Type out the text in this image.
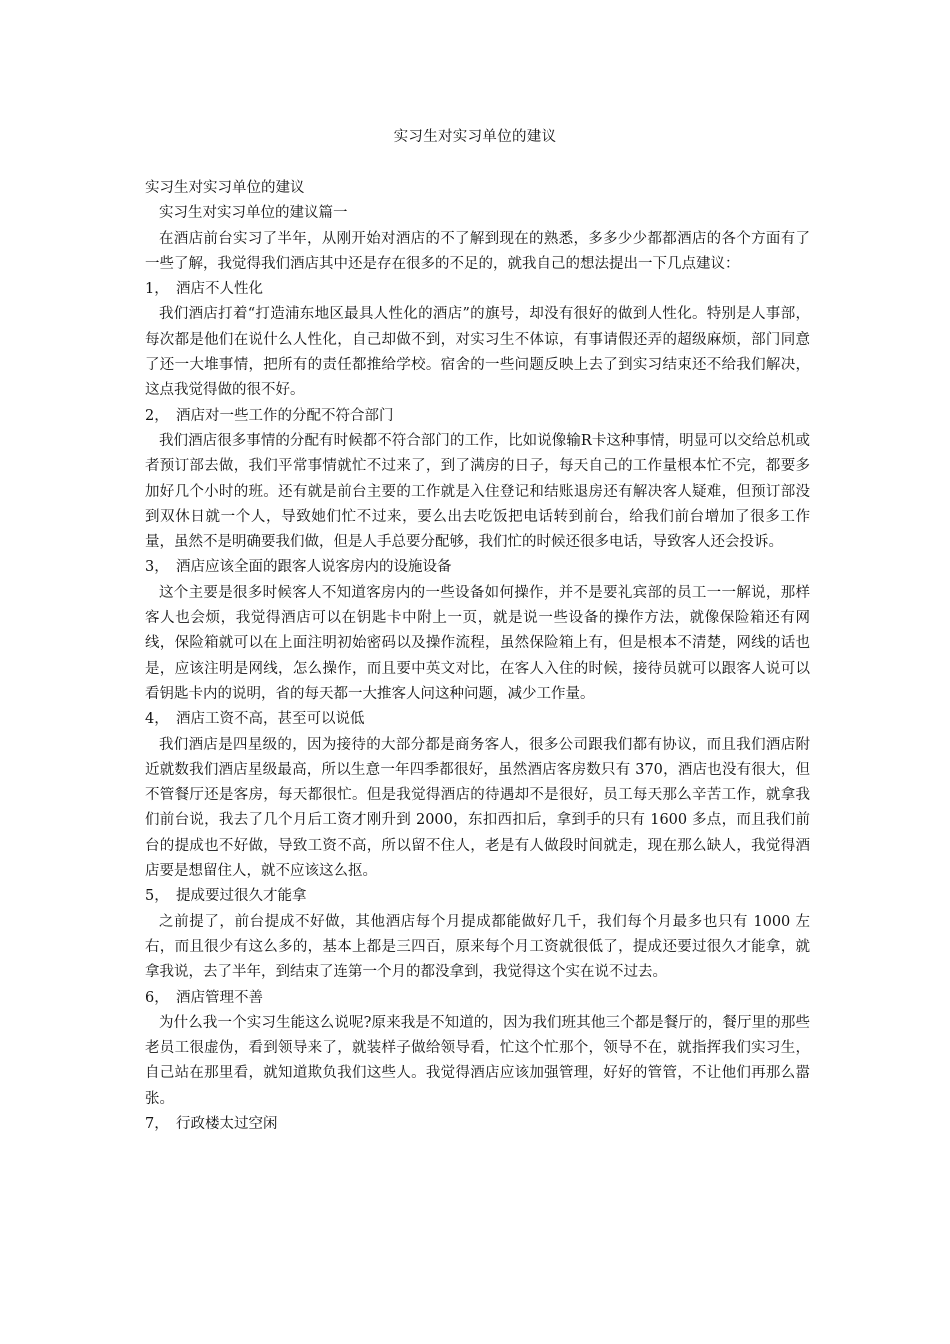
实习生对实习单位的建议

实习生对实习单位的建议

实习生对实习单位的建议篇一

在酒店前台实习了半年，从刚开始对酒店的不了解到现在的熟悉，多多少少都都酒店的各个方面有了一些了解，我觉得我们酒店其中还是存在很多的不足的，就我自己的想法提出一下几点建议：

1，　酒店不人性化

我们酒店打着“打造浦东地区最具人性化的酒店”的旗号，却没有很好的做到人性化。特别是人事部，每次都是他们在说什么人性化，自己却做不到，对实习生不体谅，有事请假还弄的超级麻烦，部门同意了还一大堆事情，把所有的责任都推给学校。宿舍的一些问题反映上去了到实习结束还不给我们解决，这点我觉得做的很不好。

2，　酒店对一些工作的分配不符合部门

我们酒店很多事情的分配有时候都不符合部门的工作，比如说像输R卡这种事情，明显可以交给总机或者预订部去做，我们平常事情就忙不过来了，到了满房的日子，每天自己的工作量根本忙不完，都要多加好几个小时的班。还有就是前台主要的工作就是入住登记和结账退房还有解决客人疑难，但预订部没到双休日就一个人，导致她们忙不过来，要么出去吃饭把电话转到前台，给我们前台增加了很多工作量，虽然不是明确要我们做，但是人手总要分配够，我们忙的时候还很多电话，导致客人还会投诉。

3，　酒店应该全面的跟客人说客房内的设施设备

这个主要是很多时候客人不知道客房内的一些设备如何操作，并不是要礼宾部的员工一一解说，那样客人也会烦，我觉得酒店可以在钥匙卡中附上一页，就是说一些设备的操作方法，就像保险箱还有网线，保险箱就可以在上面注明初始密码以及操作流程，虽然保险箱上有，但是根本不清楚，网线的话也是，应该注明是网线，怎么操作，而且要中英文对比，在客人入住的时候，接待员就可以跟客人说可以看钥匙卡内的说明，省的每天都一大推客人问这种问题，减少工作量。

4，　酒店工资不高，甚至可以说低

我们酒店是四星级的，因为接待的大部分都是商务客人，很多公司跟我们都有协议，而且我们酒店附近就数我们酒店星级最高，所以生意一年四季都很好，虽然酒店客房数只有 370，酒店也没有很大，但不管餐厅还是客房，每天都很忙。但是我觉得酒店的待遇却不是很好，员工每天那么辛苦工作，就拿我们前台说，我去了几个月后工资才刚升到 2000，东扣西扣后，拿到手的只有 1600 多点，而且我们前台的提成也不好做，导致工资不高，所以留不住人，老是有人做段时间就走，现在那么缺人，我觉得酒店要是想留住人，就不应该这么抠。

5，　提成要过很久才能拿

之前提了，前台提成不好做，其他酒店每个月提成都能做好几千，我们每个月最多也只有 1000 左右，而且很少有这么多的，基本上都是三四百，原来每个月工资就很低了，提成还要过很久才能拿，就拿我说，去了半年，到结束了连第一个月的都没拿到，我觉得这个实在说不过去。

6，　酒店管理不善

为什么我一个实习生能这么说呢?原来我是不知道的，因为我们班其他三个都是餐厅的，餐厅里的那些老员工很虚伪，看到领导来了，就装样子做给领导看，忙这个忙那个，领导不在，就指挥我们实习生，自己站在那里看，就知道欺负我们这些人。我觉得酒店应该加强管理，好好的管管，不让他们再那么嚣张。

7，　行政楼太过空闲
